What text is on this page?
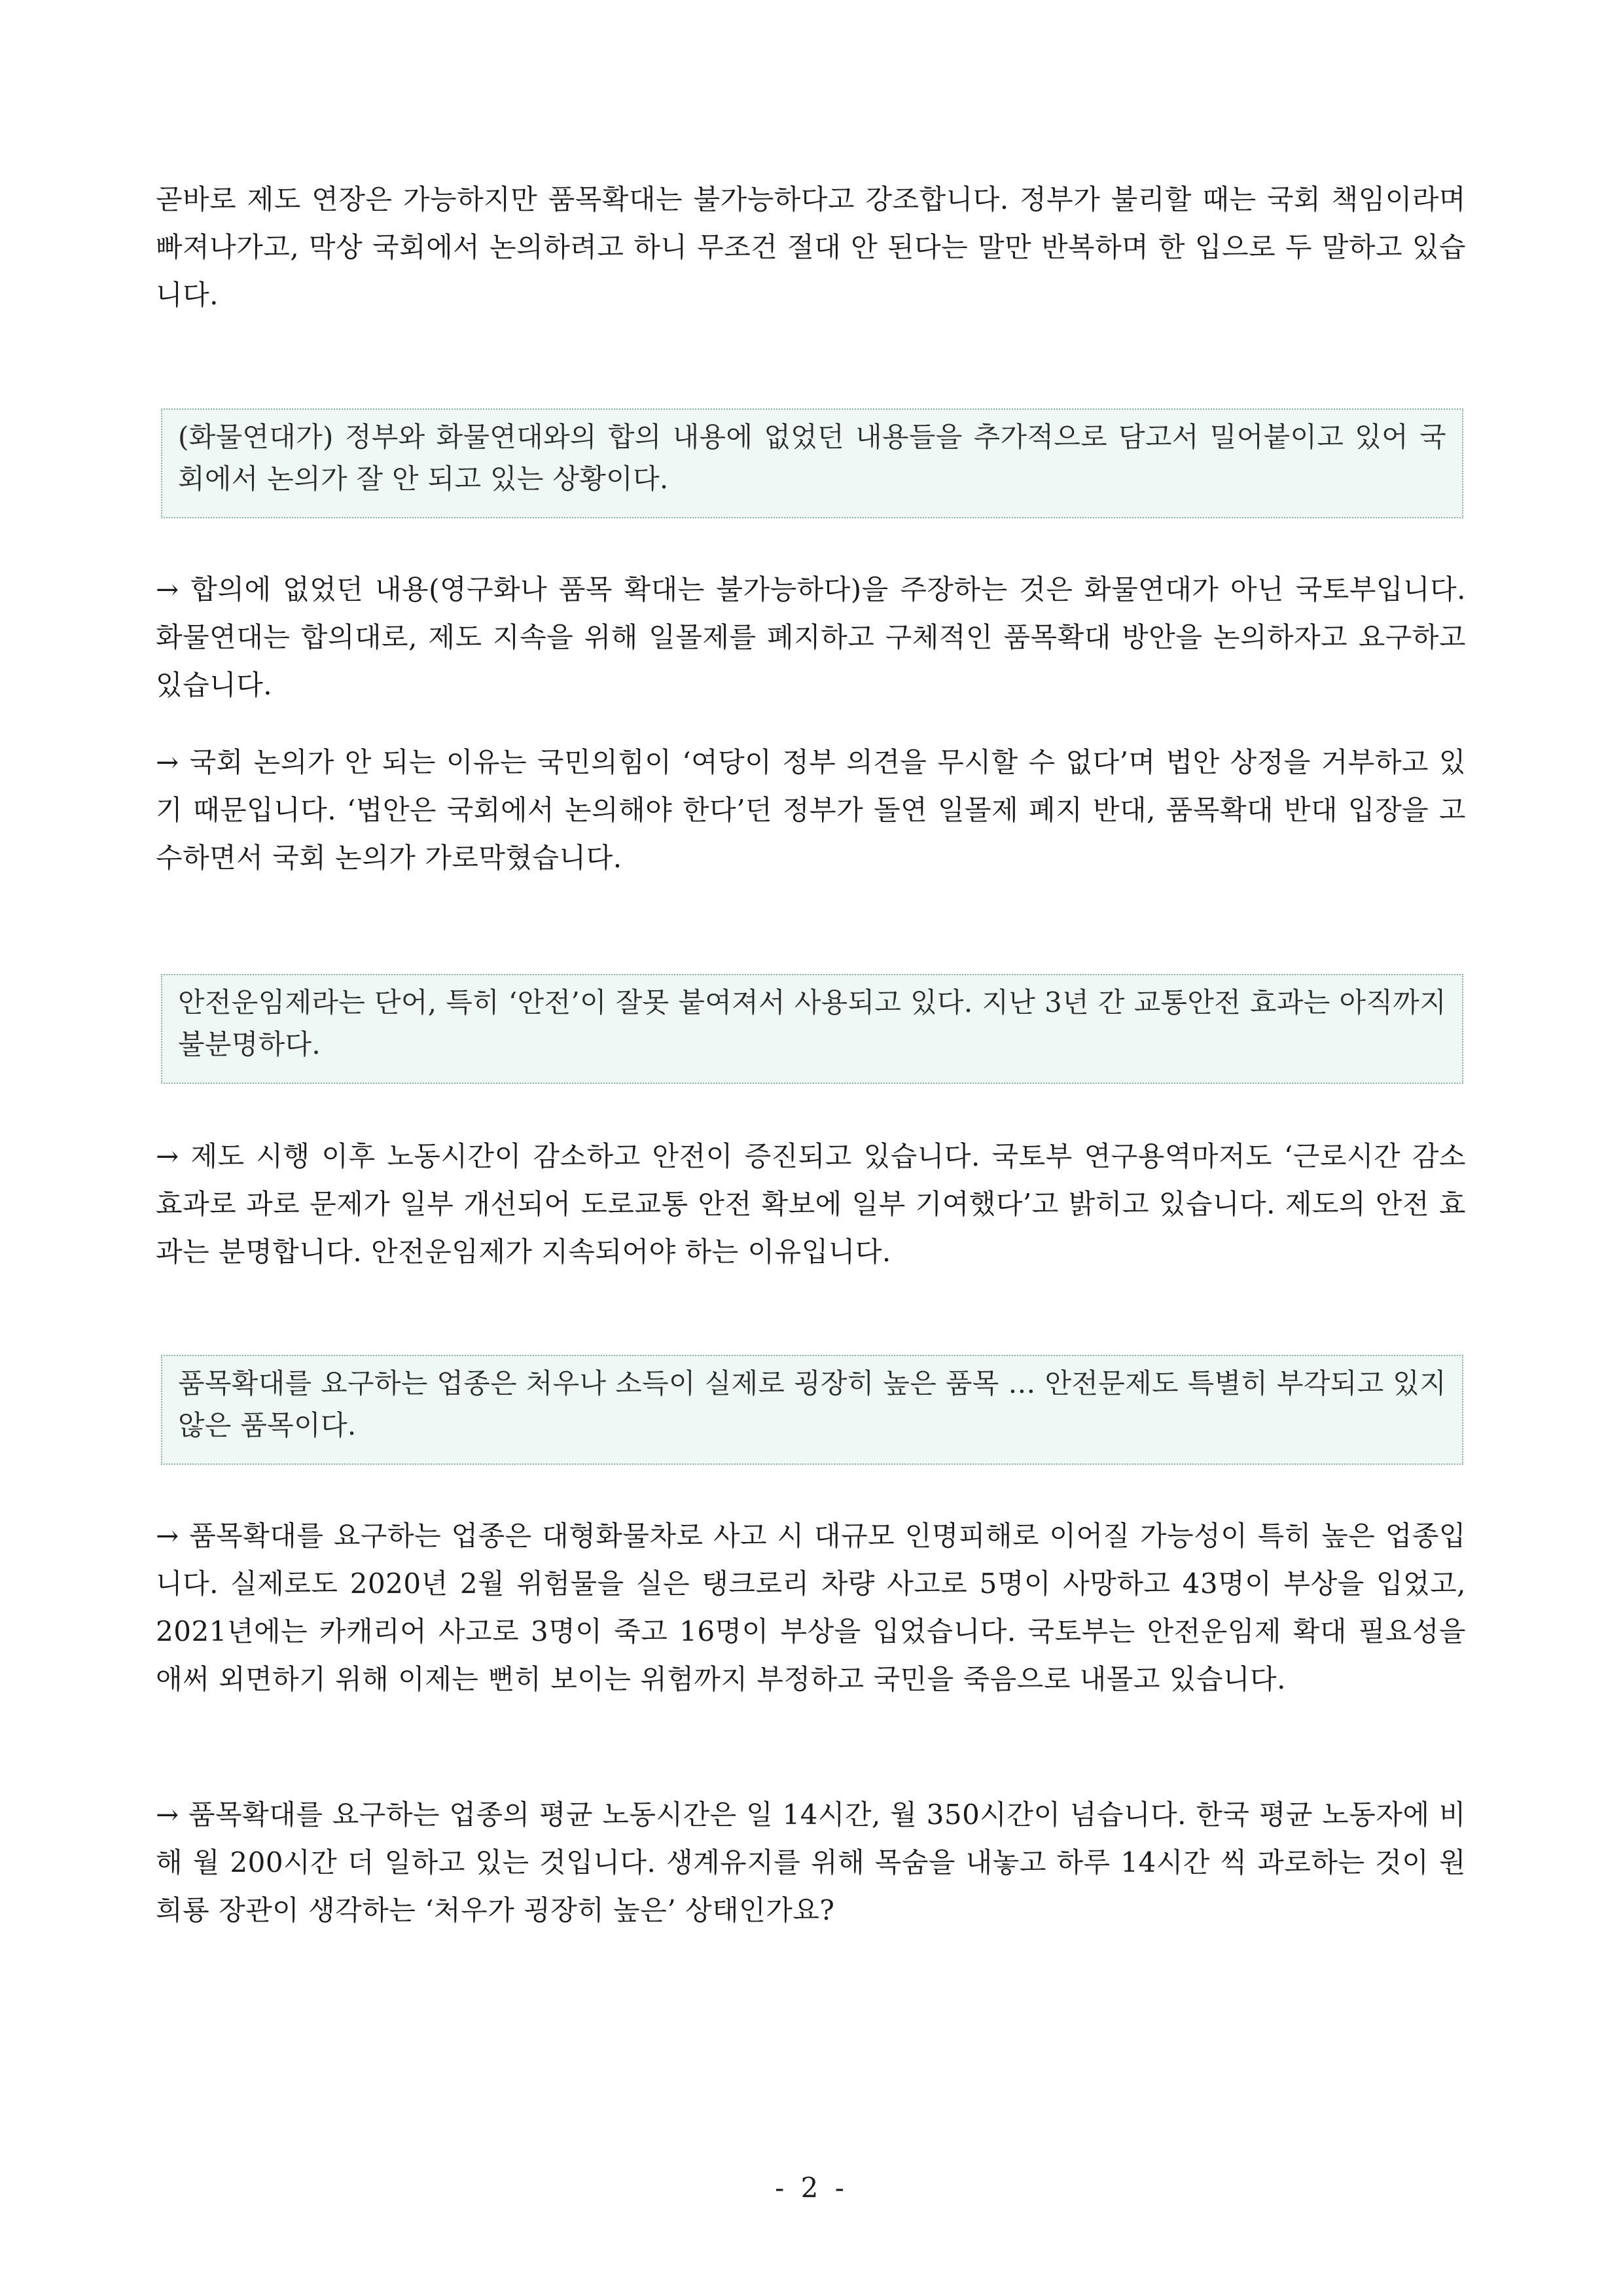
곧바로 제도 연장은 가능하지만 품목확대는 불가능하다고 강조합니다. 정부가 불리할 때는 국회 책임이라며 빠져나가고, 막상 국회에서 논의하려고 하니 무조건 절대 안 된다는 말만 반복하며 한 입으로 두 말하고 있습니다.

(화물연대가) 정부와 화물연대와의 합의 내용에 없었던 내용들을 추가적으로 담고서 밀어붙이고 있어 국회에서 논의가 잘 안 되고 있는 상황이다.

→ 합의에 없었던 내용(영구화나 품목 확대는 불가능하다)을 주장하는 것은 화물연대가 아닌 국토부입니다. 화물연대는 합의대로, 제도 지속을 위해 일몰제를 폐지하고 구체적인 품목확대 방안을 논의하자고 요구하고 있습니다.

→ 국회 논의가 안 되는 이유는 국민의힘이 ‘여당이 정부 의견을 무시할 수 없다’며 법안 상정을 거부하고 있기 때문입니다. ‘법안은 국회에서 논의해야 한다’던 정부가 돌연 일몰제 폐지 반대, 품목확대 반대 입장을 고수하면서 국회 논의가 가로막혔습니다.

안전운임제라는 단어, 특히 ‘안전’이 잘못 붙여져서 사용되고 있다. 지난 3년 간 교통안전 효과는 아직까지 불분명하다.

→ 제도 시행 이후 노동시간이 감소하고 안전이 증진되고 있습니다. 국토부 연구용역마저도 ‘근로시간 감소 효과로 과로 문제가 일부 개선되어 도로교통 안전 확보에 일부 기여했다’고 밝히고 있습니다. 제도의 안전 효과는 분명합니다. 안전운임제가 지속되어야 하는 이유입니다.

품목확대를 요구하는 업종은 처우나 소득이 실제로 굉장히 높은 품목 … 안전문제도 특별히 부각되고 있지 않은 품목이다.

→ 품목확대를 요구하는 업종은 대형화물차로 사고 시 대규모 인명피해로 이어질 가능성이 특히 높은 업종입니다. 실제로도 2020년 2월 위험물을 실은 탱크로리 차량 사고로 5명이 사망하고 43명이 부상을 입었고, 2021년에는 카캐리어 사고로 3명이 죽고 16명이 부상을 입었습니다. 국토부는 안전운임제 확대 필요성을 애써 외면하기 위해 이제는 뻔히 보이는 위험까지 부정하고 국민을 죽음으로 내몰고 있습니다.

→ 품목확대를 요구하는 업종의 평균 노동시간은 일 14시간, 월 350시간이 넘습니다. 한국 평균 노동자에 비해 월 200시간 더 일하고 있는 것입니다. 생계유지를 위해 목숨을 내놓고 하루 14시간 씩 과로하는 것이 원희룡 장관이 생각하는 ‘처우가 굉장히 높은’ 상태인가요?

- 2 -
